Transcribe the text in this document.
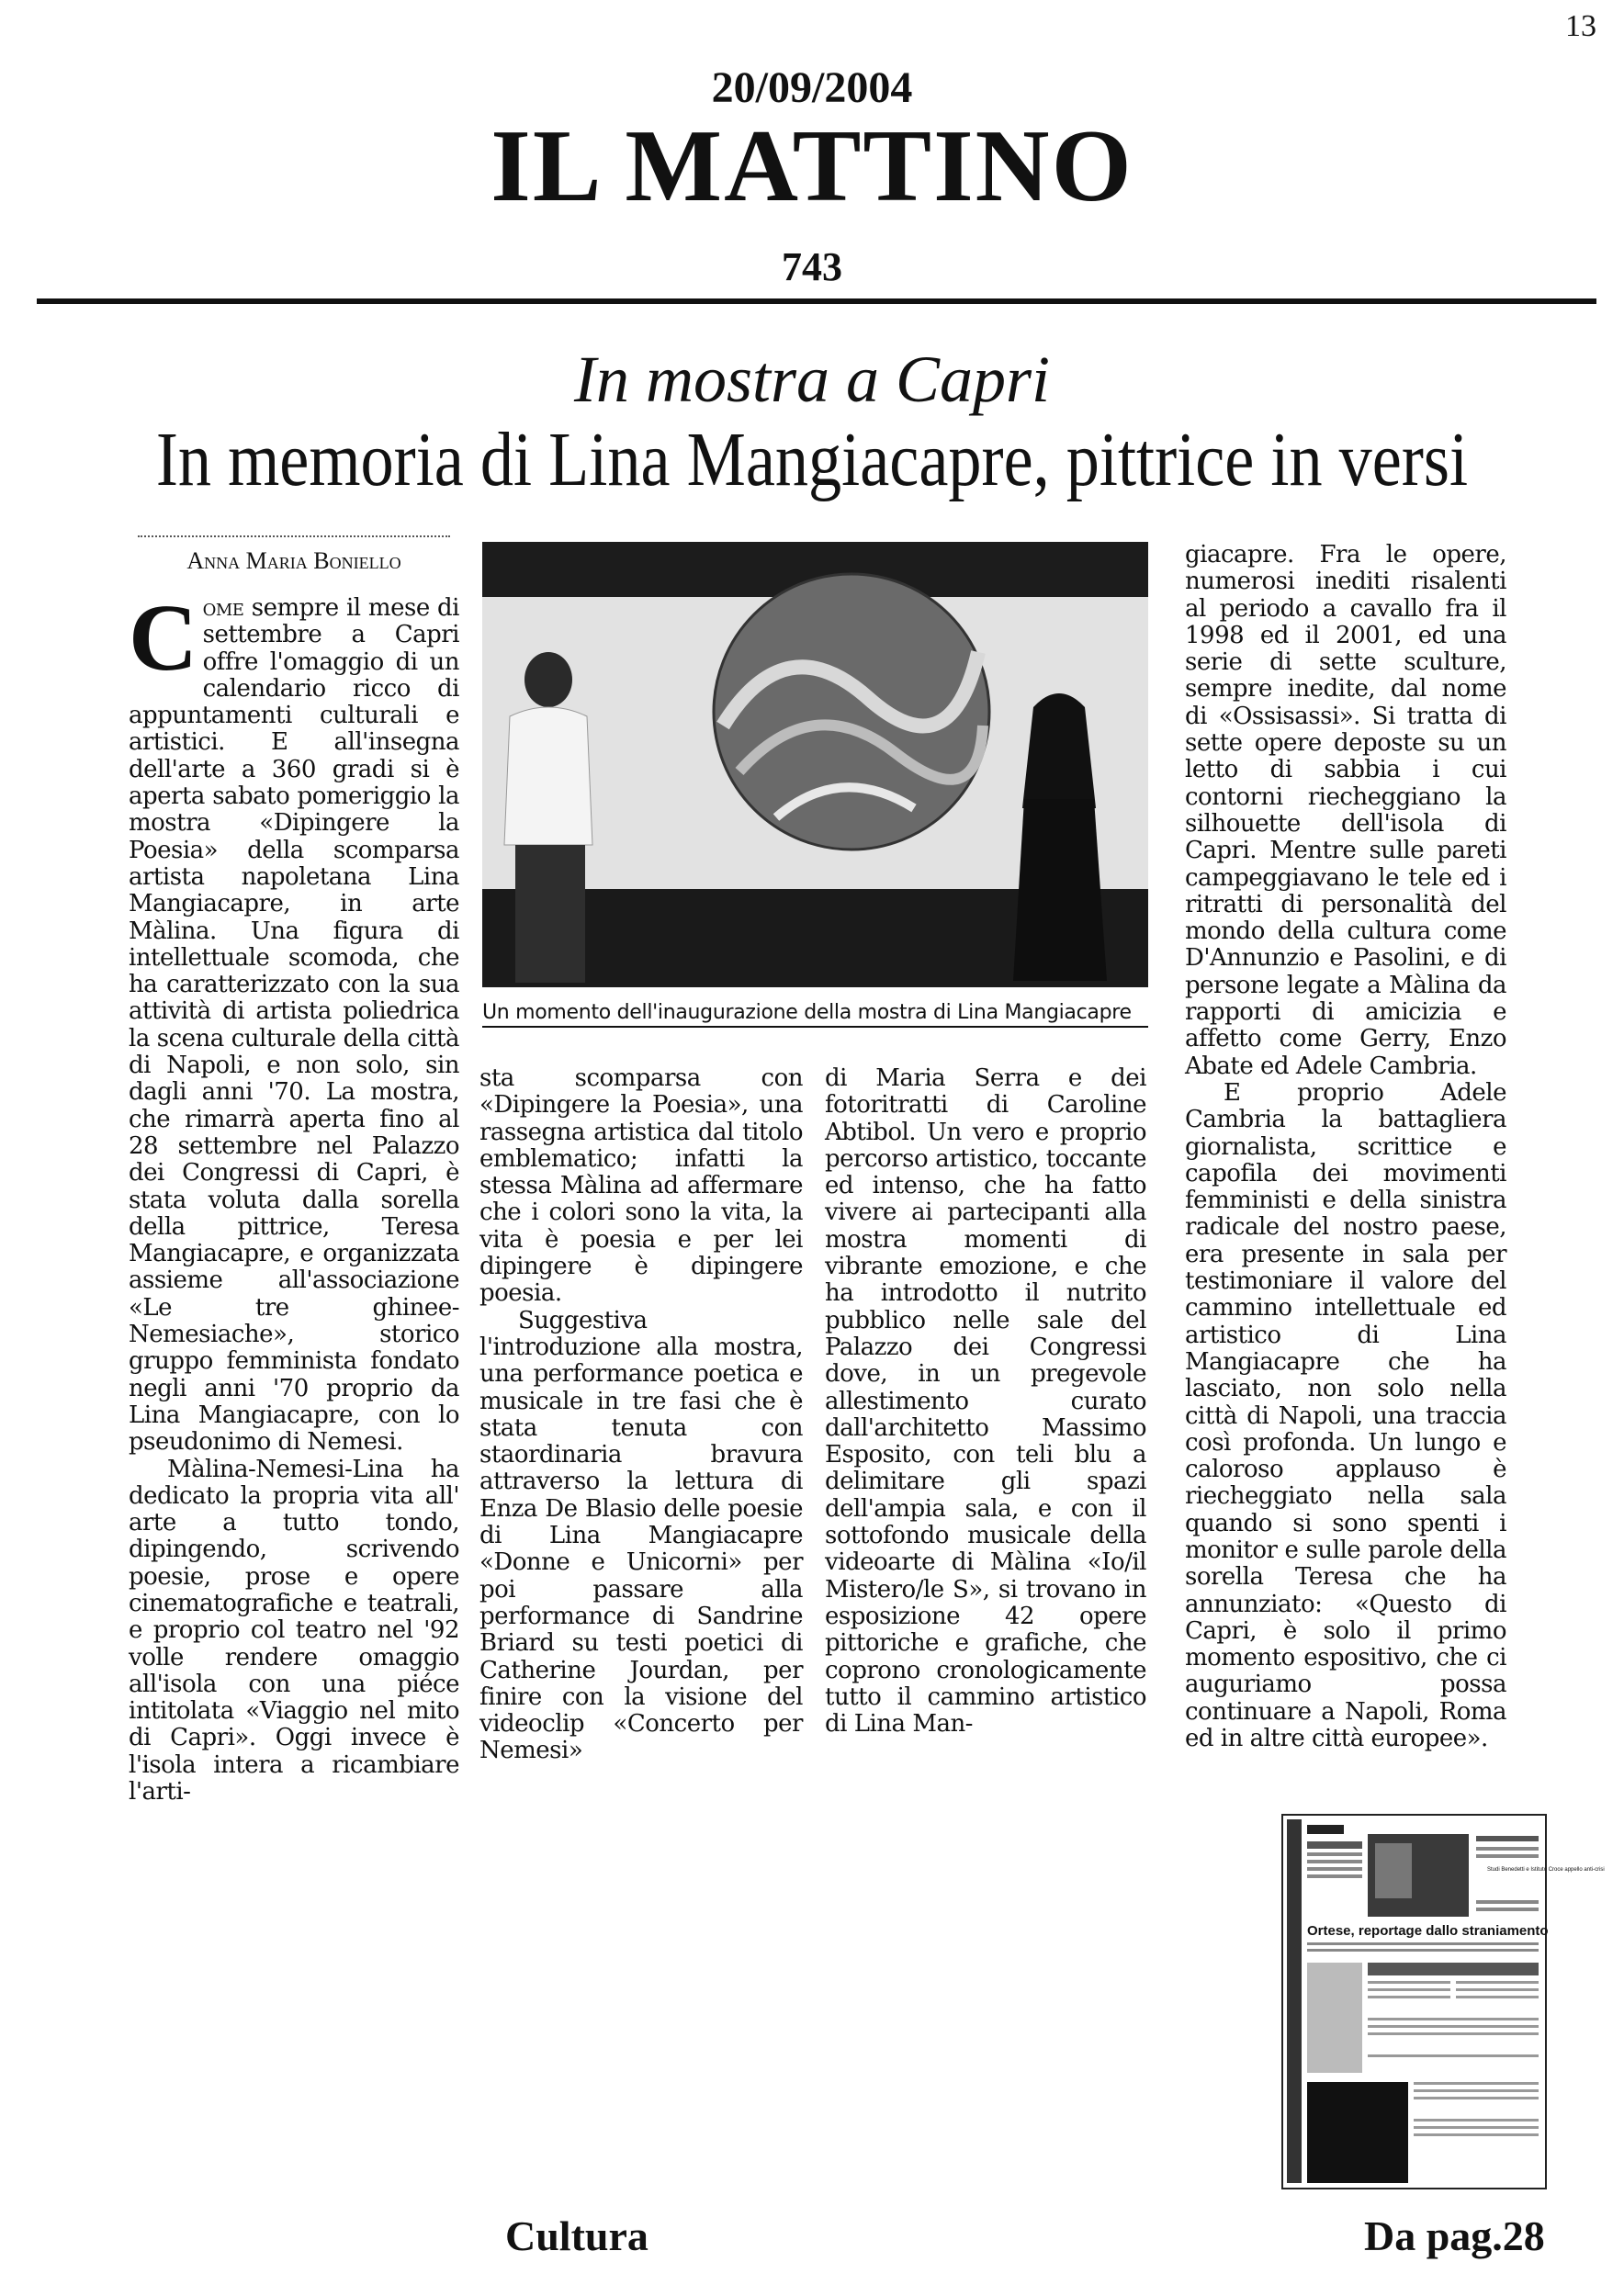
13
20/09/2004
IL MATTINO
743
In mostra a Capri
In memoria di Lina Mangiacapre, pittrice in versi
Anna Maria Boniello

Come sempre il mese di settembre a Capri offre l'omaggio di un calendario ricco di appuntamenti culturali e artistici. E all'insegna dell'arte a 360 gradi si è aperta sabato pomeriggio la mostra «Dipingere la Poesia» della scomparsa artista napoletana Lina Mangiacapre, in arte Màlina. Una figura di intellettuale scomoda, che ha caratterizzato con la sua attività di artista poliedrica la scena culturale della città di Napoli, e non solo, sin dagli anni '70. La mostra, che rimarrà aperta fino al 28 settembre nel Palazzo dei Congressi di Capri, è stata voluta dalla sorella della pittrice, Teresa Mangiacapre, e organizzata assieme all'associazione «Le tre ghinee-Nemesiache», storico gruppo femminista fondato negli anni '70 proprio da Lina Mangiacapre, con lo pseudonimo di Nemesi.

Màlina-Nemesi-Lina ha dedicato la propria vita all' arte a tutto tondo, dipingendo, scrivendo poesie, prose e opere cinematografiche e teatrali, e proprio col teatro nel '92 volle rendere omaggio all'isola con una piéce intitolata «Viaggio nel mito di Capri». Oggi invece è l'isola intera a ricambiare l'arti-

Un momento dell'inaugurazione della mostra di Lina Mangiacapre

sta scomparsa con «Dipingere la Poesia», una rassegna artistica dal titolo emblematico; infatti la stessa Màlina ad affermare che i colori sono la vita, la vita è poesia e per lei dipingere è dipingere poesia.

Suggestiva l'introduzione alla mostra, una performance poetica e musicale in tre fasi che è stata tenuta con staordinaria bravura attraverso la lettura di Enza De Blasio delle poesie di Lina Mangiacapre «Donne e Unicorni» per poi passare alla performance di Sandrine Briard su testi poetici di Catherine Jourdan, per finire con la visione del videoclip «Concerto per Nemesi»

di Maria Serra e dei fotoritratti di Caroline Abtibol. Un vero e proprio percorso artistico, toccante ed intenso, che ha fatto vivere ai partecipanti alla mostra momenti di vibrante emozione, e che ha introdotto il nutrito pubblico nelle sale del Palazzo dei Congressi dove, in un pregevole allestimento curato dall'architetto Massimo Esposito, con teli blu a delimitare gli spazi dell'ampia sala, e con il sottofondo musicale della videoarte di Màlina «Io/il Mistero/le S», si trovano in esposizione 42 opere pittoriche e grafiche, che coprono cronologicamente tutto il cammino artistico di Lina Man-

giacapre. Fra le opere, numerosi inediti risalenti al periodo a cavallo fra il 1998 ed il 2001, ed una serie di sette sculture, sempre inedite, dal nome di «Ossisassi». Si tratta di sette opere deposte su un letto di sabbia i cui contorni riecheggiano la silhouette dell'isola di Capri. Mentre sulle pareti campeggiavano le tele ed i ritratti di personalità del mondo della cultura come D'Annunzio e Pasolini, e di persone legate a Màlina da rapporti di amicizia e affetto come Gerry, Enzo Abate ed Adele Cambria.

E proprio Adele Cambria la battagliera giornalista, scrittice e capofila dei movimenti femministi e della sinistra radicale del nostro paese, era presente in sala per testimoniare il valore del cammino intellettuale ed artistico di Lina Mangiacapre che ha lasciato, non solo nella città di Napoli, una traccia così profonda. Un lungo e caloroso applauso è riecheggiato nella sala quando si sono spenti i monitor e sulle parole della sorella Teresa che ha annunziato: «Questo di Capri, è solo il primo momento espositivo, che ci auguriamo possa continuare a Napoli, Roma ed in altre città europee».

Ortese, reportage dallo straniamento
Studi Benedetti e Istituto Croce appello anti-crisi
Cultura	Da pag.28
